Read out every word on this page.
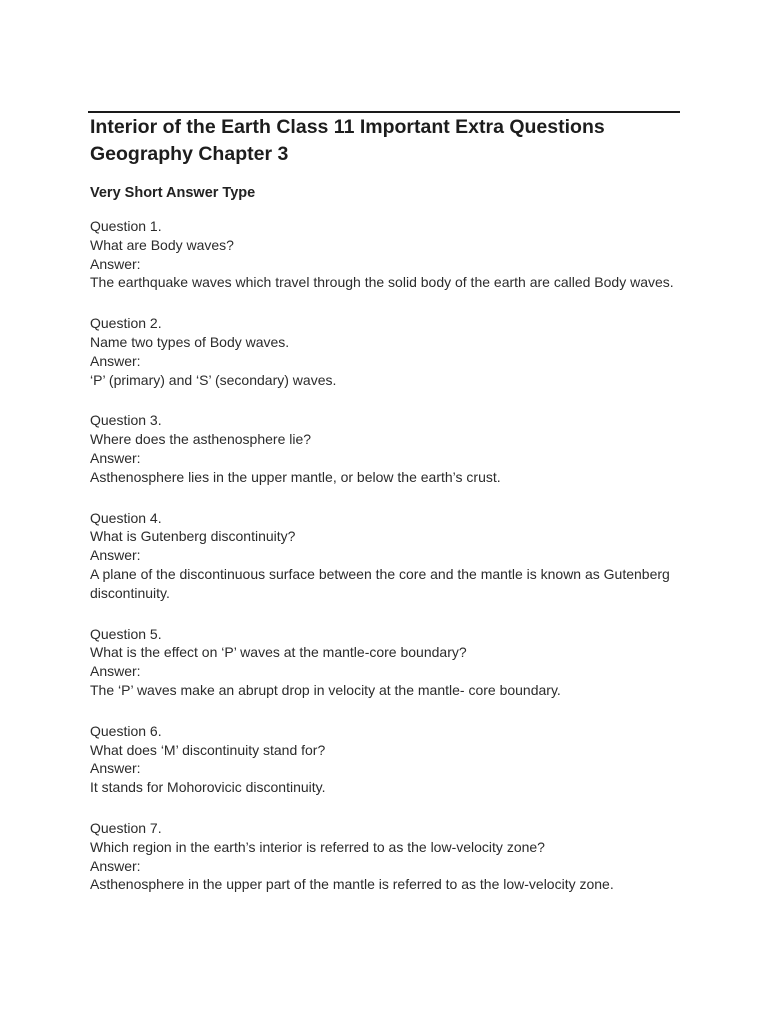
Interior of the Earth Class 11 Important Extra Questions Geography Chapter 3
Very Short Answer Type
Question 1.
What are Body waves?
Answer:
The earthquake waves which travel through the solid body of the earth are called Body waves.
Question 2.
Name two types of Body waves.
Answer:
‘P’ (primary) and ‘S’ (secondary) waves.
Question 3.
Where does the asthenosphere lie?
Answer:
Asthenosphere lies in the upper mantle, or below the earth’s crust.
Question 4.
What is Gutenberg discontinuity?
Answer:
A plane of the discontinuous surface between the core and the mantle is known as Gutenberg discontinuity.
Question 5.
What is the effect on ‘P’ waves at the mantle-core boundary?
Answer:
The ‘P’ waves make an abrupt drop in velocity at the mantle- core boundary.
Question 6.
What does ‘M’ discontinuity stand for?
Answer:
It stands for Mohorovicic discontinuity.
Question 7.
Which region in the earth’s interior is referred to as the low-velocity zone?
Answer:
Asthenosphere in the upper part of the mantle is referred to as the low-velocity zone.
